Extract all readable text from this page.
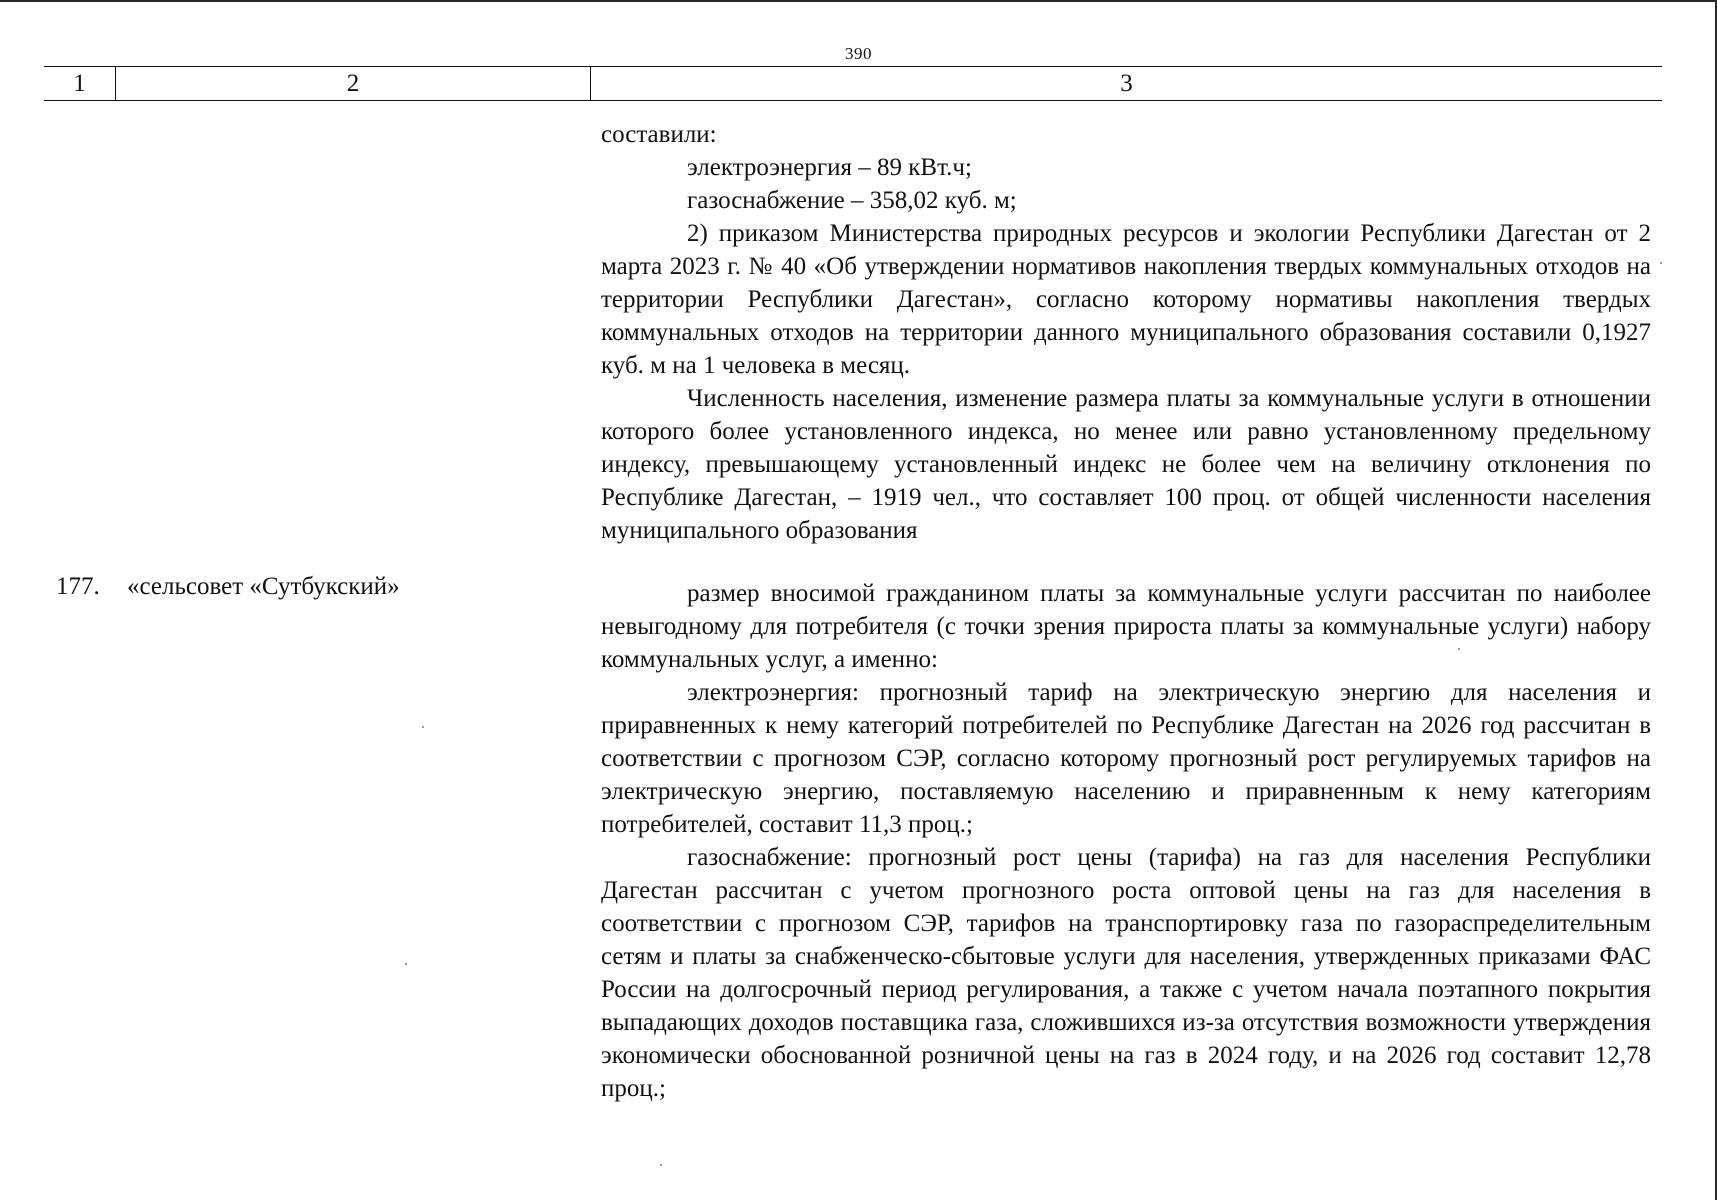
390
1	2	3

составили:

электроэнергия – 89 кВт.ч;

газоснабжение – 358,02 куб. м;

2) приказом Министерства природных ресурсов и экологии Республики Дагестан от 2 марта 2023 г. № 40 «Об утверждении нормативов накопления твердых коммунальных отходов на территории Республики Дагестан», согласно которому нормативы накопления твердых коммунальных отходов на территории данного муниципального образования составили 0,1927 куб. м на 1 человека в месяц.

Численность населения, изменение размера платы за коммунальные услуги в отношении которого более установленного индекса, но менее или равно установленному предельному индексу, превышающему установленный индекс не более чем на величину отклонения по Республике Дагестан, – 1919 чел., что составляет 100 проц. от общей численности населения муниципального образования

177. «сельсовет «Сутбукский»	размер вносимой гражданином платы за коммунальные услуги рассчитан по наиболее невыгодному для потребителя (с точки зрения прироста платы за коммунальные услуги) набору коммунальных услуг, а именно:

электроэнергия: прогнозный тариф на электрическую энергию для населения и приравненных к нему категорий потребителей по Республике Дагестан на 2026 год рассчитан в соответствии с прогнозом СЭР, согласно которому прогнозный рост регулируемых тарифов на электрическую энергию, поставляемую населению и приравненным к нему категориям потребителей, составит 11,3 проц.;

газоснабжение: прогнозный рост цены (тарифа) на газ для населения Республики Дагестан рассчитан с учетом прогнозного роста оптовой цены на газ для населения в соответствии с прогнозом СЭР, тарифов на транспортировку газа по газораспределительным сетям и платы за снабженческо-сбытовые услуги для населения, утвержденных приказами ФАС России на долгосрочный период регулирования, а также с учетом начала поэтапного покрытия выпадающих доходов поставщика газа, сложившихся из-за отсутствия возможности утверждения экономически обоснованной розничной цены на газ в 2024 году, и на 2026 год составит 12,78 проц.;
